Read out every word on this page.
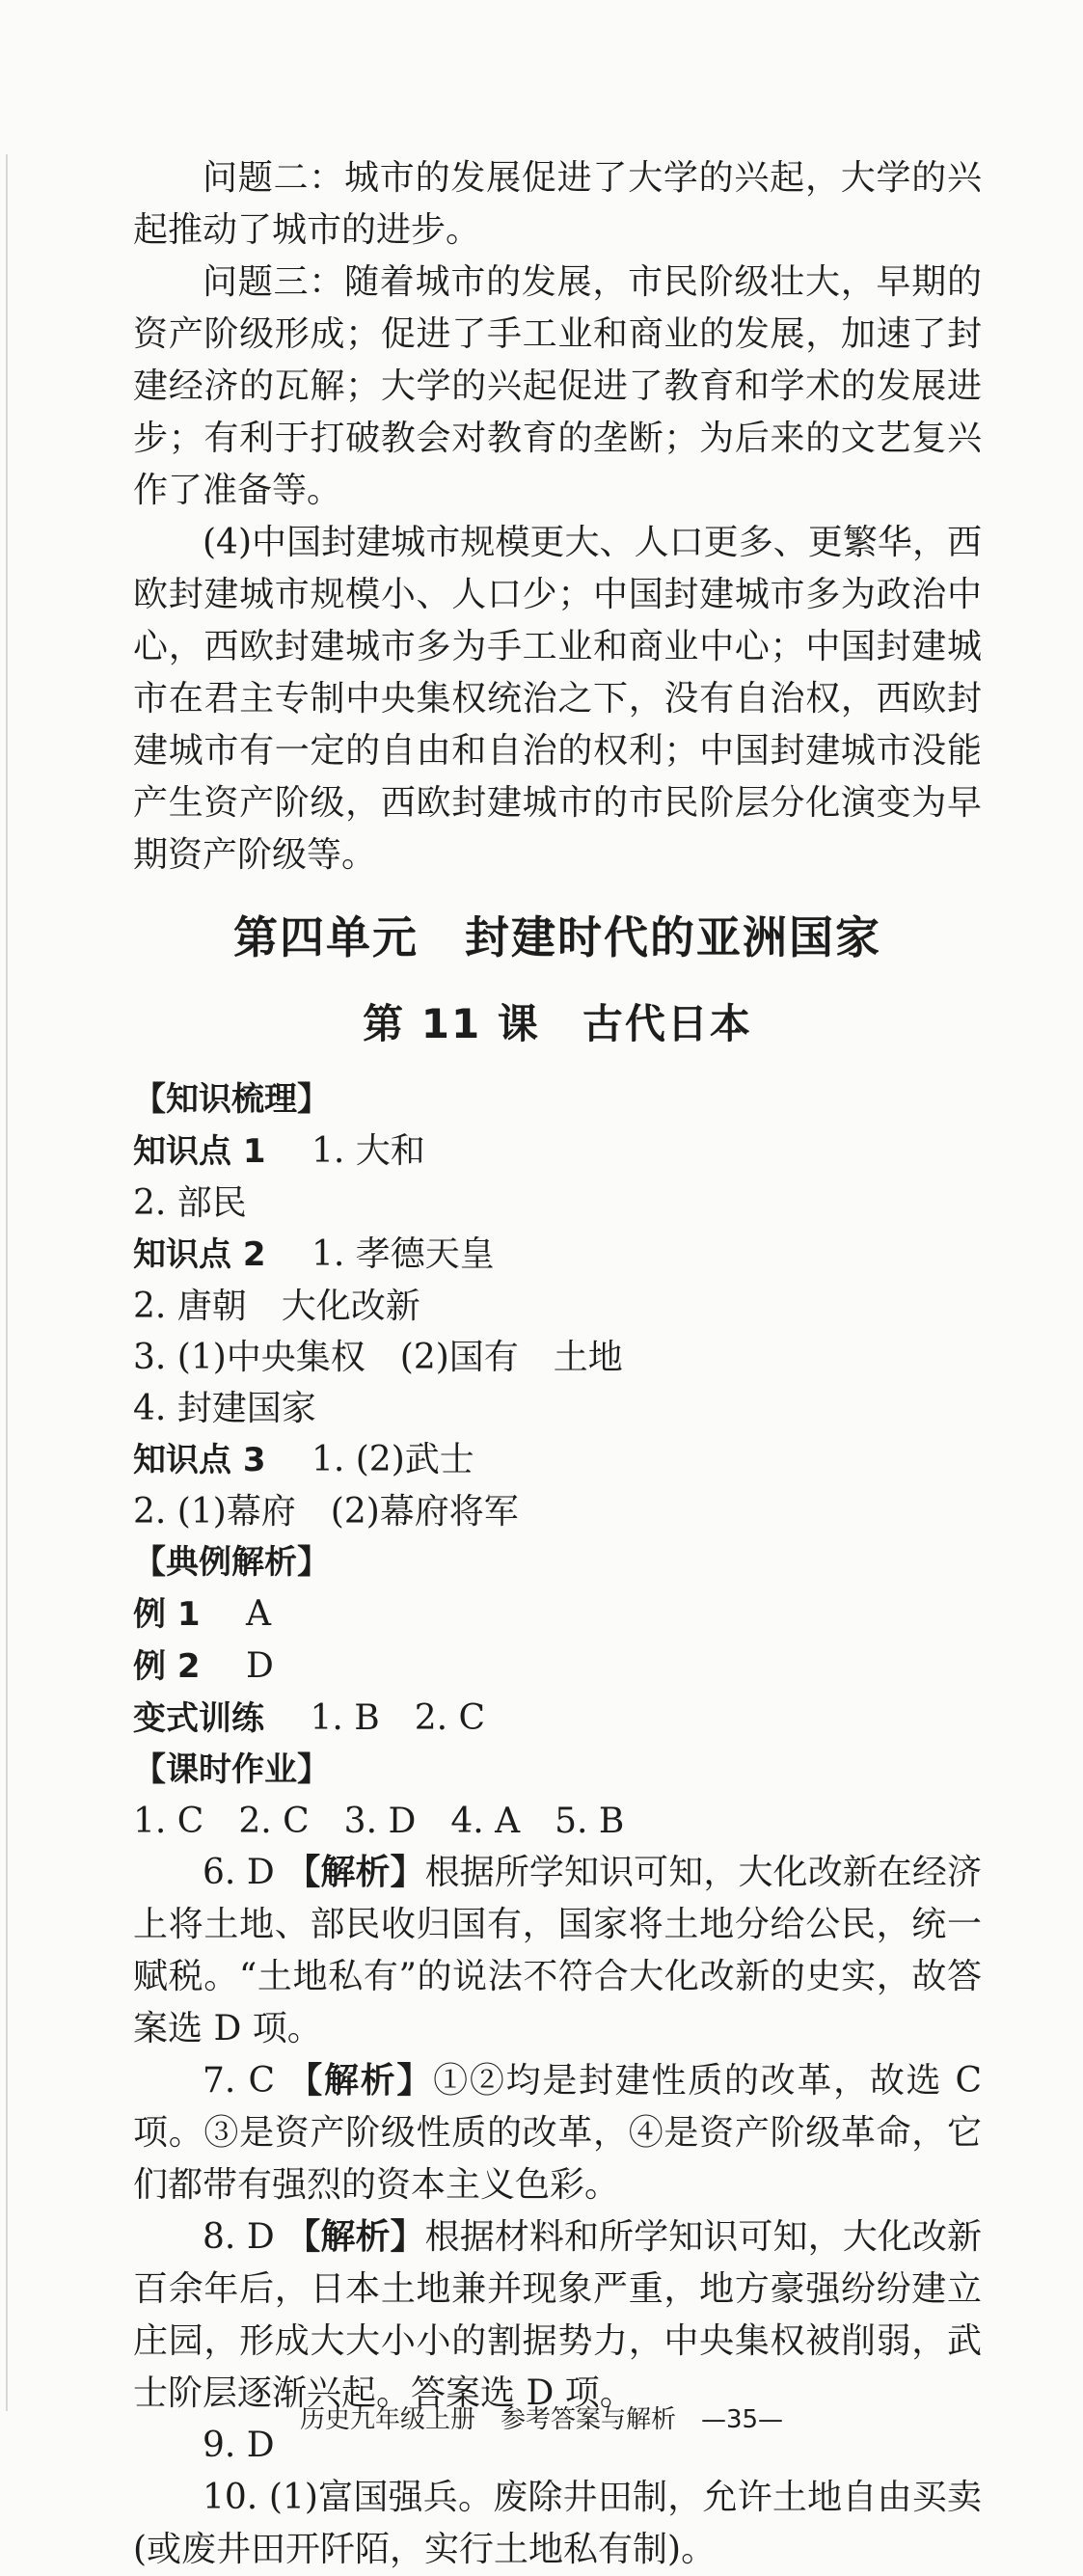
问题二：城市的发展促进了大学的兴起，大学的兴起推动了城市的进步。

问题三：随着城市的发展，市民阶级壮大，早期的资产阶级形成；促进了手工业和商业的发展，加速了封建经济的瓦解；大学的兴起促进了教育和学术的发展进步；有利于打破教会对教育的垄断；为后来的文艺复兴作了准备等。

(4)中国封建城市规模更大、人口更多、更繁华，西欧封建城市规模小、人口少；中国封建城市多为政治中心，西欧封建城市多为手工业和商业中心；中国封建城市在君主专制中央集权统治之下，没有自治权，西欧封建城市有一定的自由和自治的权利；中国封建城市没能产生资产阶级，西欧封建城市的市民阶层分化演变为早期资产阶级等。

第四单元　封建时代的亚洲国家
第 11 课　古代日本
【知识梳理】
知识点 1 　 1. 大和
2. 部民
知识点 2 　 1. 孝德天皇
2. 唐朝　大化改新
3. (1)中央集权　(2)国有　土地
4. 封建国家
知识点 3 　 1. (2)武士
2. (1)幕府　(2)幕府将军
【典例解析】
例 1 　 A
例 2 　 D
变式训练 　 1. B　2. C
【课时作业】
1. C　2. C　3. D　4. A　5. B

6. D 【解析】根据所学知识可知，大化改新在经济上将土地、部民收归国有，国家将土地分给公民，统一赋税。“土地私有”的说法不符合大化改新的史实，故答案选 D 项。

7. C 【解析】①②均是封建性质的改革，故选 C 项。③是资产阶级性质的改革，④是资产阶级革命，它们都带有强烈的资本主义色彩。

8. D 【解析】根据材料和所学知识可知，大化改新百余年后，日本土地兼并现象严重，地方豪强纷纷建立庄园，形成大大小小的割据势力，中央集权被削弱，武士阶层逐渐兴起。答案选 D 项。

9. D

10. (1)富国强兵。废除井田制，允许土地自由买卖(或废井田开阡陌，实行土地私有制)。

历史九年级上册　参考答案与解析　—35—
